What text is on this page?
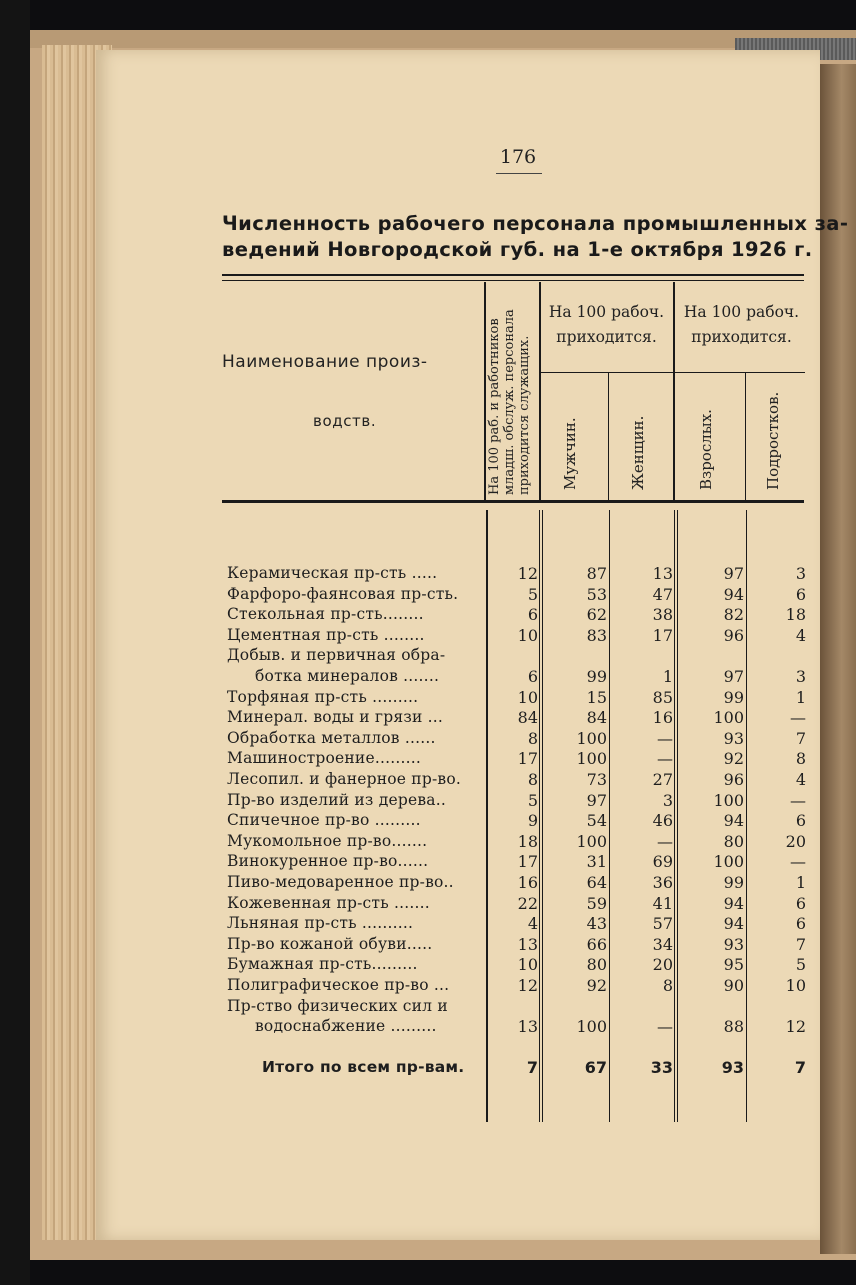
176
Численность рабочего персонала промышленных за-
ведений Новгородской губ. на 1-е октября 1926 г.
Наименование произ-
водств.	На 100 раб. и работников
младш. обслуж. персонала
приходится служащих.
На 100 рабоч.
приходится.
На 100 рабоч.
приходится.
Мужчин.	Женщин.	Взрослых.	Подростков.
Керамическая пр-сть .....	12	87	13	97	3
Фарфоро-фаянсовая пр-сть.	5	53	47	94	6
Стекольная пр-сть........	6	62	38	82	18
Цементная пр-сть ........	10	83	17	96	4
Добыв. и первичная обра-
ботка минералов .......	6	99	1	97	3
Торфяная пр-сть .........	10	15	85	99	1
Минерал. воды и грязи ...	84	84	16	100	—
Обработка металлов ......	8	100	—	93	7
Машиностроение.........	17	100	—	92	8
Лесопил. и фанерное пр-во.	8	73	27	96	4
Пр-во изделий из дерева..	5	97	3	100	—
Спичечное пр-во .........	9	54	46	94	6
Мукомольное пр-во.......	18	100	—	80	20
Винокуренное пр-во......	17	31	69	100	—
Пиво-медоваренное пр-во..	16	64	36	99	1
Кожевенная пр-сть .......	22	59	41	94	6
Льняная пр-сть ..........	4	43	57	94	6
Пр-во кожаной обуви.....	13	66	34	93	7
Бумажная пр-сть.........	10	80	20	95	5
Полиграфическое пр-во ...	12	92	8	90	10
Пр-ство физических сил и
водоснабжение .........	13	100	—	88	12
Итого по всем пр-вам.	7	67	33	93	7
